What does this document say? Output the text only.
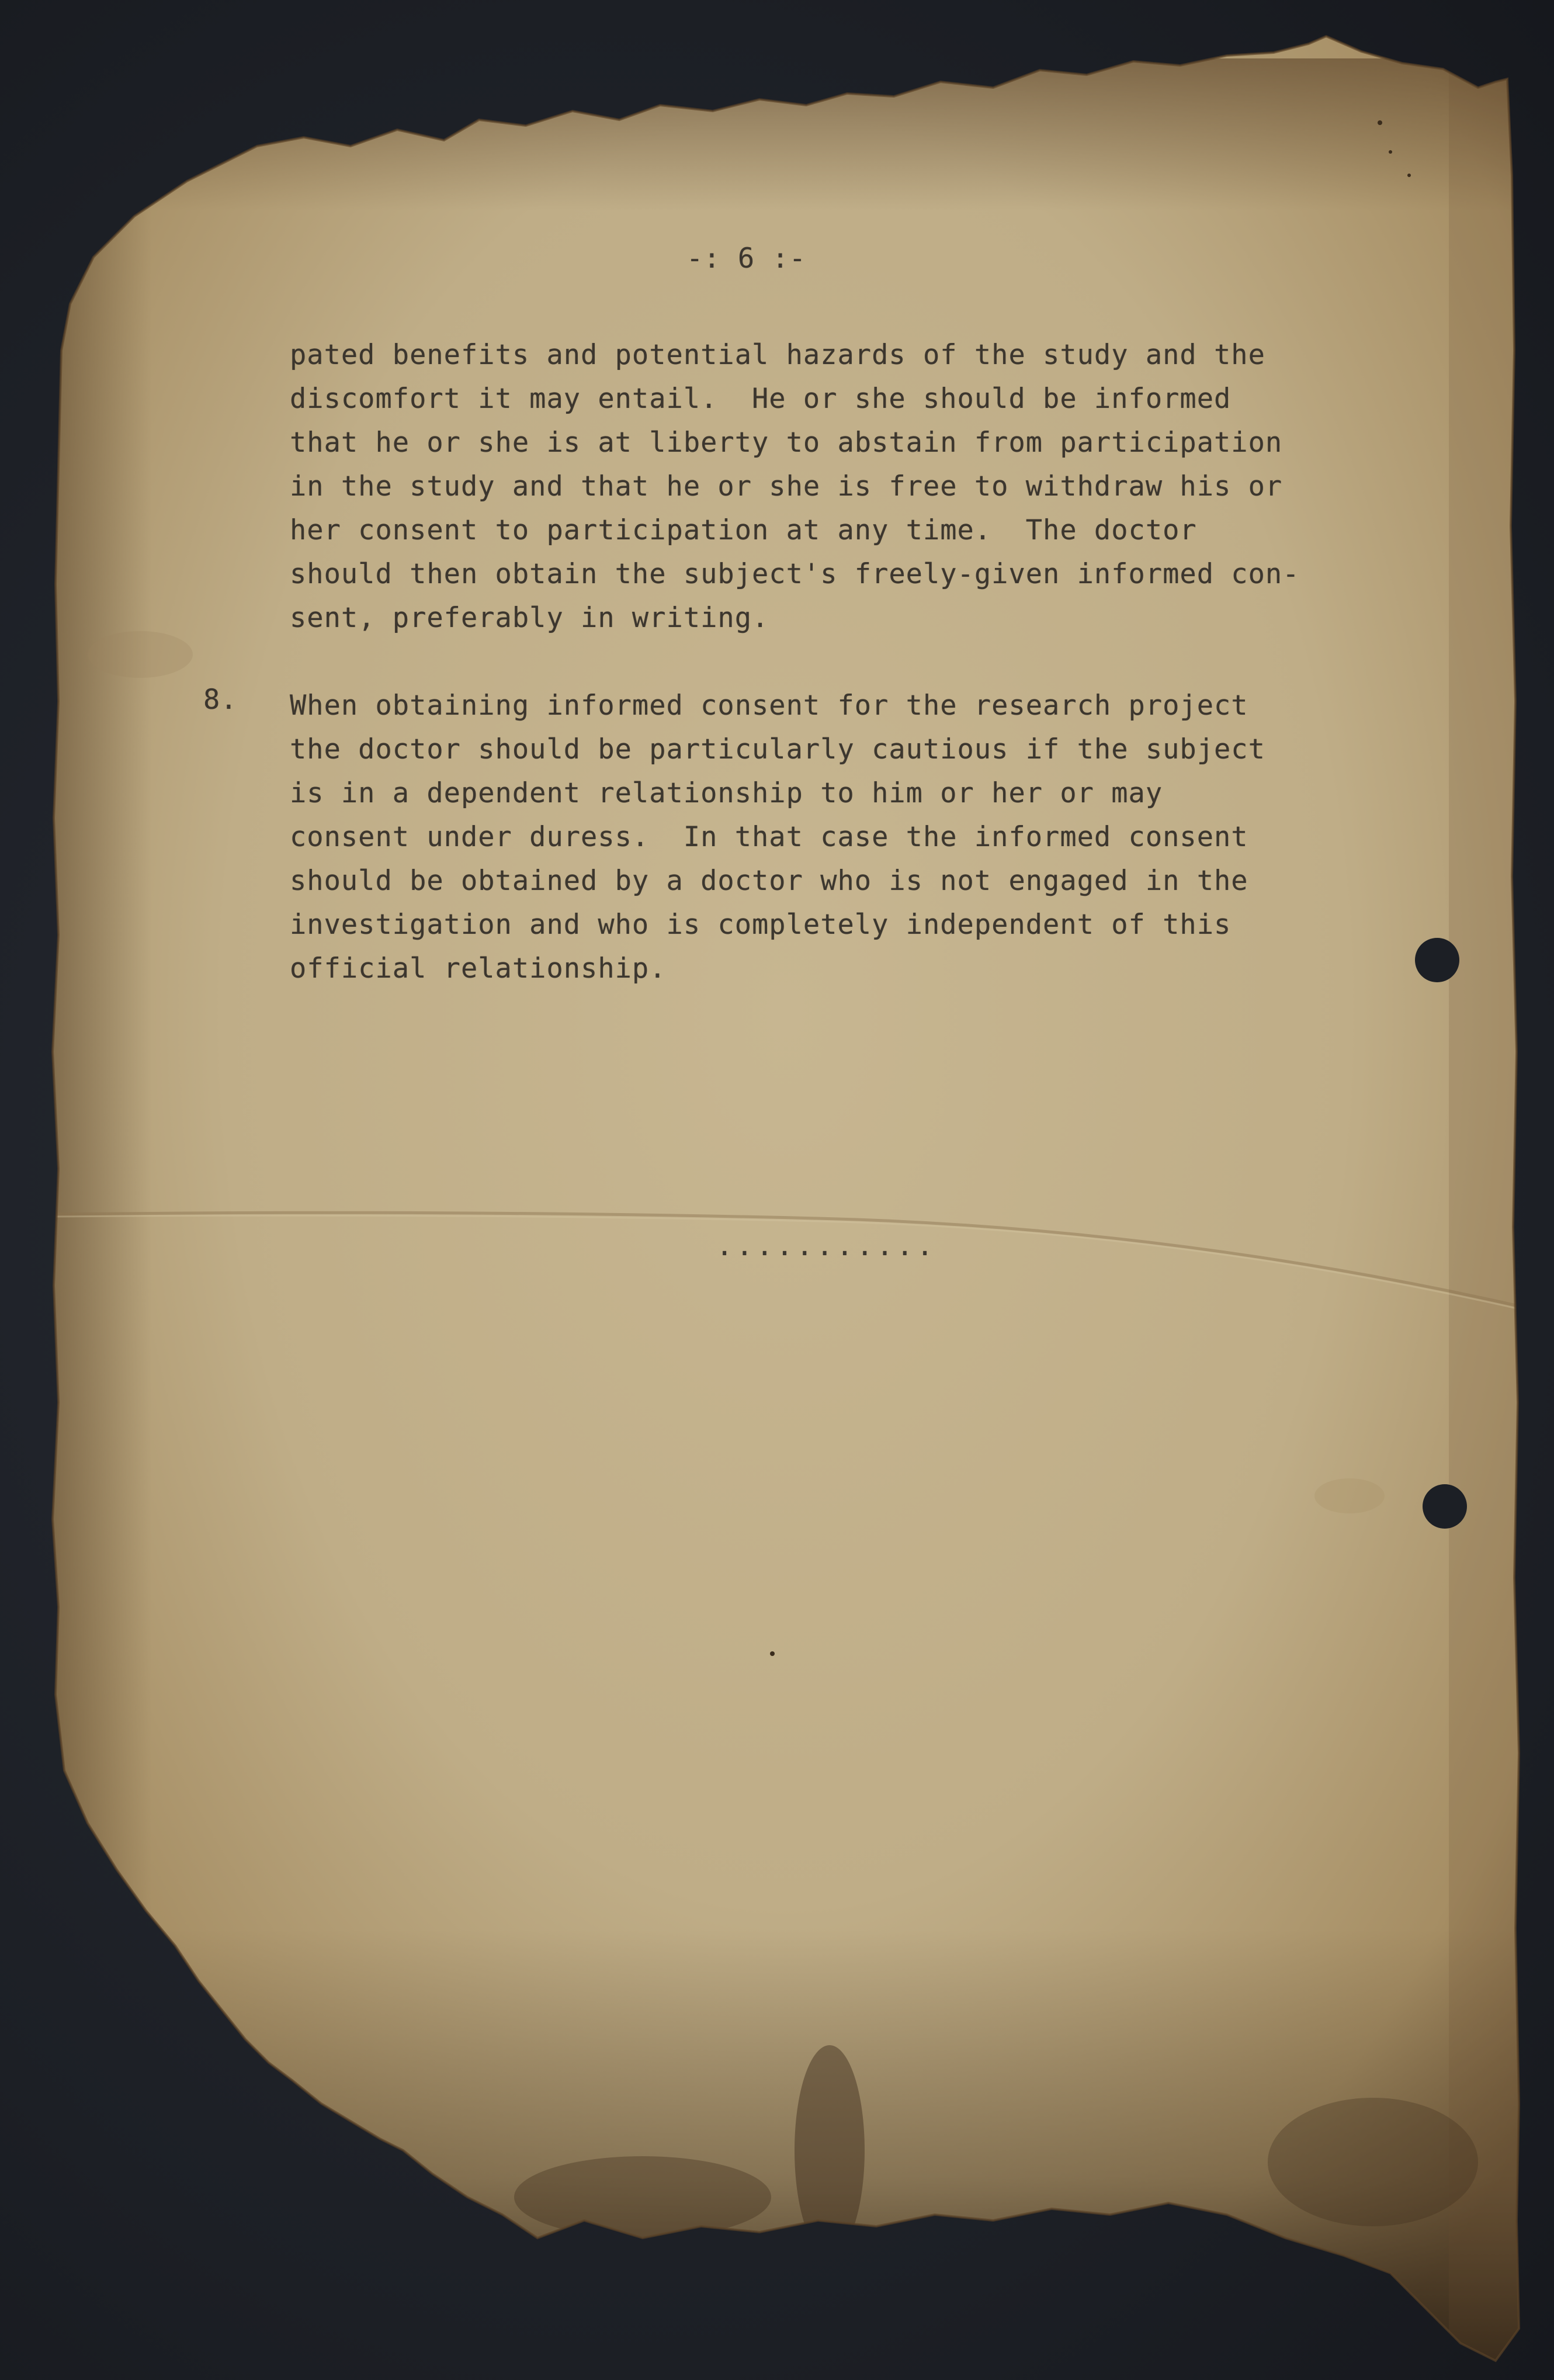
-: 6 :-
pated benefits and potential hazards of the study and the
discomfort it may entail.  He or she should be informed
that he or she is at liberty to abstain from participation
in the study and that he or she is free to withdraw his or
her consent to participation at any time.  The doctor
should then obtain the subject's freely-given informed con-
sent, preferably in writing.
8. When obtaining informed consent for the research project
the doctor should be particularly cautious if the subject
is in a dependent relationship to him or her or may
consent under duress.  In that case the informed consent
should be obtained by a doctor who is not engaged in the
investigation and who is completely independent of this
official relationship.
...........
